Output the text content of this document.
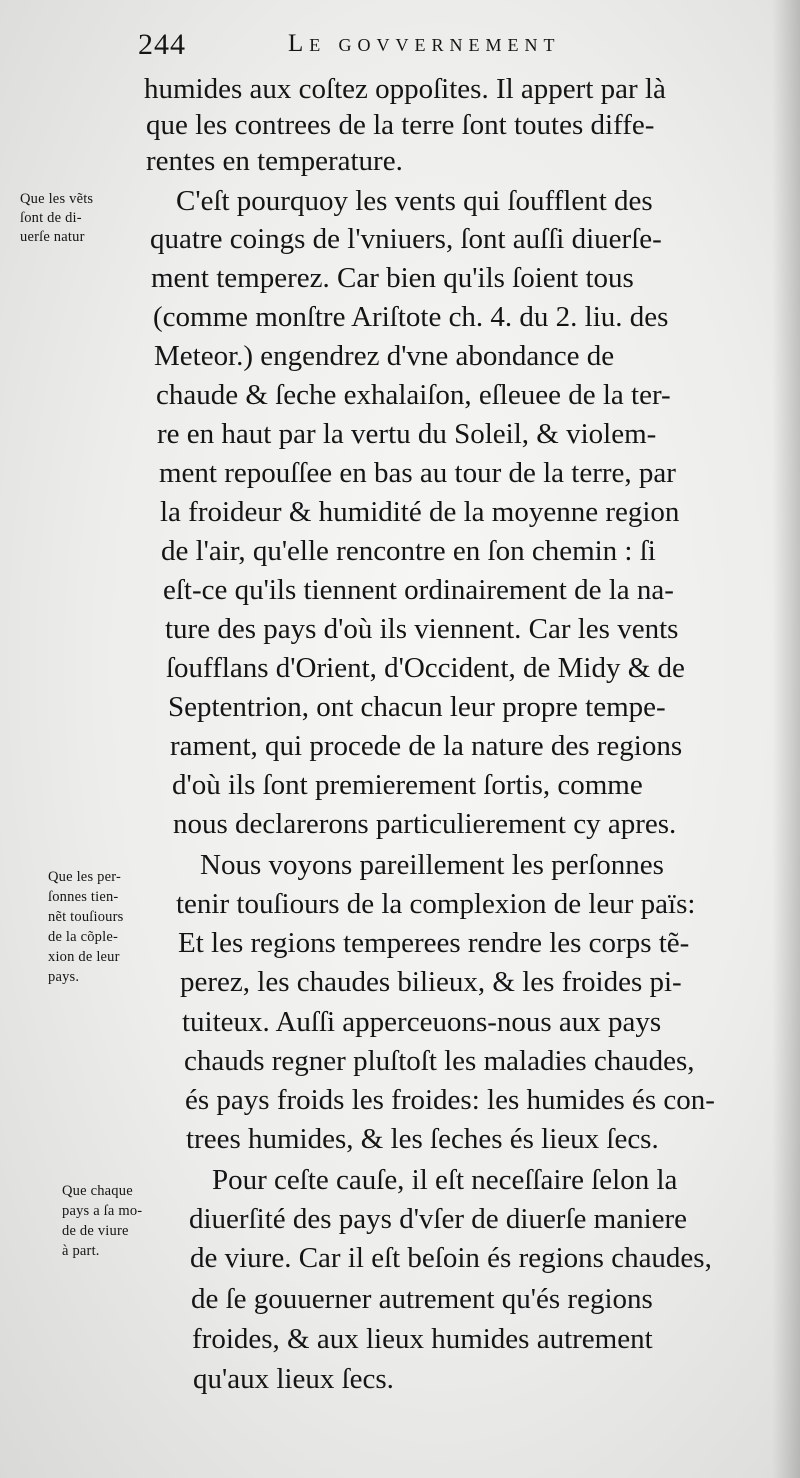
244	Le govvernement
humides aux coſtez oppoſites. Il appert par là
que les contrees de la terre ſont toutes diffe-
rentes en temperature.
C'eſt pourquoy les vents qui ſoufflent des
quatre coings de l'vniuers, ſont auſſi diuerſe-
ment temperez. Car bien qu'ils ſoient tous
(comme monſtre Ariſtote ch. 4. du 2. liu. des
Meteor.) engendrez d'vne abondance de
chaude & ſeche exhalaiſon, eſleuee de la ter-
re en haut par la vertu du Soleil, & violem-
ment repouſſee en bas au tour de la terre, par
la froideur & humidité de la moyenne region
de l'air, qu'elle rencontre en ſon chemin : ſi
eſt-ce qu'ils tiennent ordinairement de la na-
ture des pays d'où ils viennent. Car les vents
ſoufflans d'Orient, d'Occident, de Midy & de
Septentrion, ont chacun leur propre tempe-
rament, qui procede de la nature des regions
d'où ils ſont premierement ſortis, comme
nous declarerons particulierement cy apres.
Nous voyons pareillement les perſonnes
tenir touſiours de la complexion de leur païs:
Et les regions temperees rendre les corps tẽ-
perez, les chaudes bilieux, & les froides pi-
tuiteux. Auſſi apperceuons-nous aux pays
chauds regner pluſtoſt les maladies chaudes,
és pays froids les froides: les humides és con-
trees humides, & les ſeches és lieux ſecs.
Pour ceſte cauſe, il eſt neceſſaire ſelon la
diuerſité des pays d'vſer de diuerſe maniere
de viure. Car il eſt beſoin és regions chaudes,
de ſe gouuerner autrement qu'és regions
froides, & aux lieux humides autrement
qu'aux lieux ſecs.
Que les vẽts
ſont de di-
uerſe natur
Que les per-
ſonnes tien-
nẽt touſiours
de la cõple-
xion de leur
pays.
Que chaque
pays a ſa mo-
de de viure
à part.
